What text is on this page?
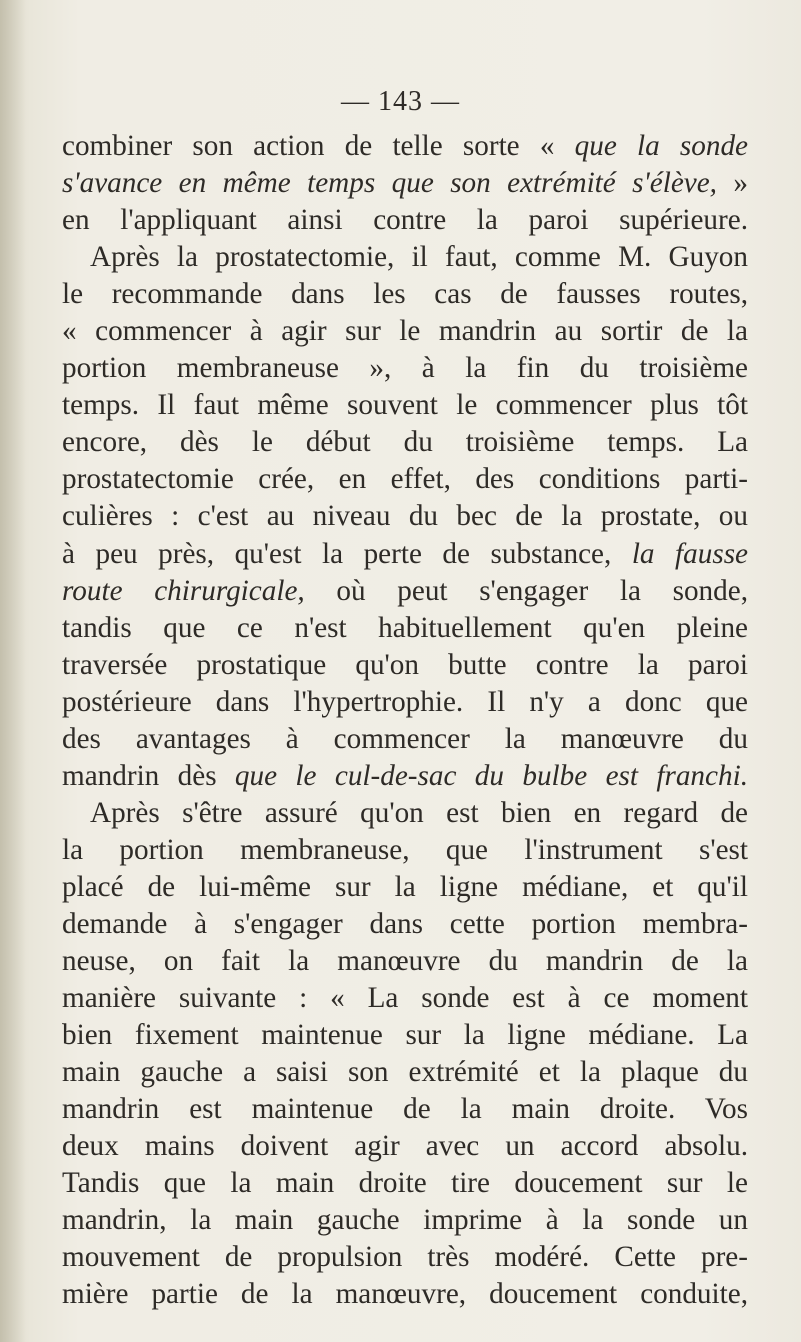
— 143 —
combiner son action de telle sorte « que la sonde
s'avance en même temps que son extrémité s'élève, »
en l'appliquant ainsi contre la paroi supérieure.
Après la prostatectomie, il faut, comme M. Guyon
le recommande dans les cas de fausses routes,
« commencer à agir sur le mandrin au sortir de la
portion membraneuse », à la fin du troisième
temps. Il faut même souvent le commencer plus tôt
encore, dès le début du troisième temps. La
prostatectomie crée, en effet, des conditions parti-
culières : c'est au niveau du bec de la prostate, ou
à peu près, qu'est la perte de substance, la fausse
route chirurgicale, où peut s'engager la sonde,
tandis que ce n'est habituellement qu'en pleine
traversée prostatique qu'on butte contre la paroi
postérieure dans l'hypertrophie. Il n'y a donc que
des avantages à commencer la manœuvre du
mandrin dès que le cul-de-sac du bulbe est franchi.
Après s'être assuré qu'on est bien en regard de
la portion membraneuse, que l'instrument s'est
placé de lui-même sur la ligne médiane, et qu'il
demande à s'engager dans cette portion membra-
neuse, on fait la manœuvre du mandrin de la
manière suivante : « La sonde est à ce moment
bien fixement maintenue sur la ligne médiane. La
main gauche a saisi son extrémité et la plaque du
mandrin est maintenue de la main droite. Vos
deux mains doivent agir avec un accord absolu.
Tandis que la main droite tire doucement sur le
mandrin, la main gauche imprime à la sonde un
mouvement de propulsion très modéré. Cette pre-
mière partie de la manœuvre, doucement conduite,
